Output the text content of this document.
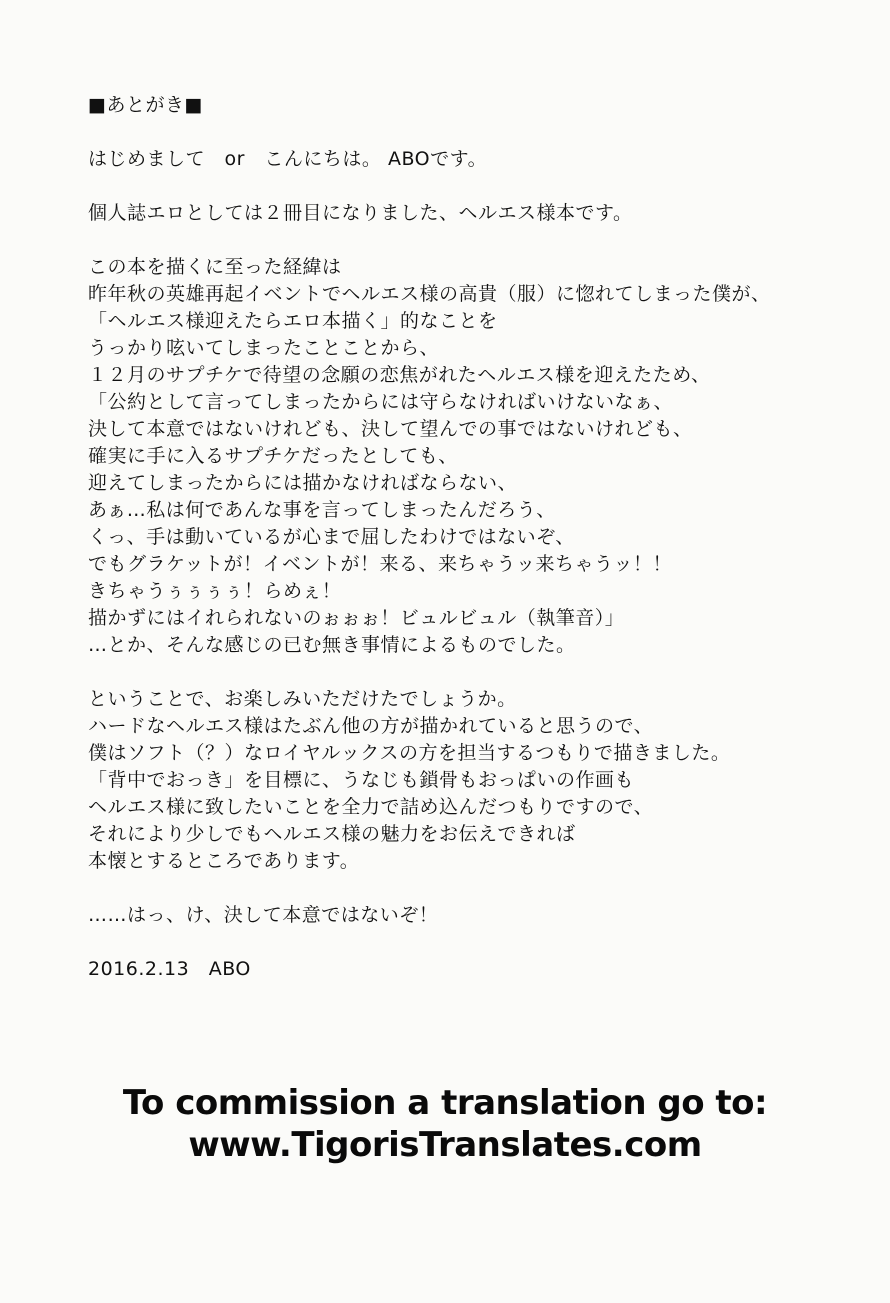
■あとがき■
はじめまして　or　こんにちは。 ABOです。
個人誌エロとしては２冊目になりました、ヘルエス様本です。
この本を描くに至った経緯は
昨年秋の英雄再起イベントでヘルエス様の高貴（服）に惚れてしまった僕が、
「ヘルエス様迎えたらエロ本描く」的なことを
うっかり呟いてしまったことことから、
１２月のサプチケで待望の念願の恋焦がれたヘルエス様を迎えたため、
「公約として言ってしまったからには守らなければいけないなぁ、
決して本意ではないけれども、決して望んでの事ではないけれども、
確実に手に入るサプチケだったとしても、
迎えてしまったからには描かなければならない、
あぁ…私は何であんな事を言ってしまったんだろう、
くっ、手は動いているが心まで屈したわけではないぞ、
でもグラケットが！イベントが！来る、来ちゃうッ来ちゃうッ！！
きちゃうぅぅぅぅ！らめぇ！
描かずにはイれられないのぉぉぉ！ビュルビュル（執筆音）」
…とか、そんな感じの已む無き事情によるものでした。
ということで、お楽しみいただけたでしょうか。
ハードなヘルエス様はたぶん他の方が描かれていると思うので、
僕はソフト（？）なロイヤルックスの方を担当するつもりで描きました。
「背中でおっき」を目標に、うなじも鎖骨もおっぱいの作画も
ヘルエス様に致したいことを全力で詰め込んだつもりですので、
それにより少しでもヘルエス様の魅力をお伝えできれば
本懐とするところであります。
……はっ、け、決して本意ではないぞ！
2016.2.13　ABO
To commission a translation go to:
www.TigorisTranslates.com
